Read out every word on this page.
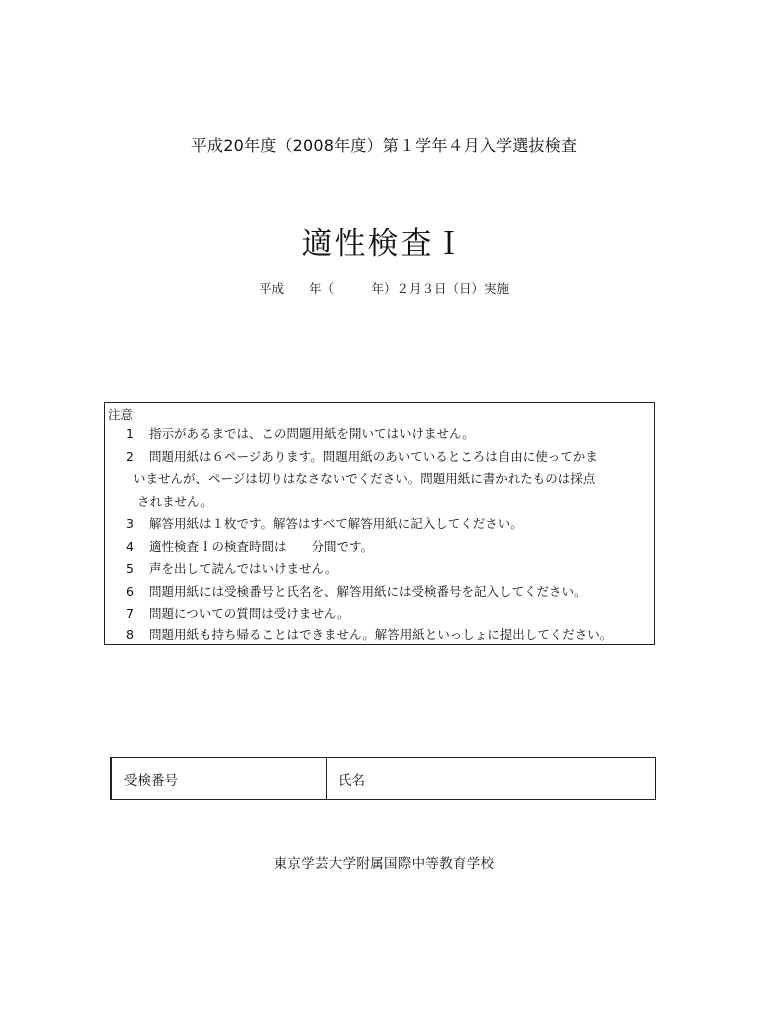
平成20年度（2008年度）第１学年４月入学選抜検査
適性検査Ｉ
平成　　年（　　　年）２月３日（日）実施
注意
1 指示があるまでは、この問題用紙を開いてはいけません。
2 問題用紙は６ページあります。問題用紙のあいているところは自由に使ってかま
いませんが、ページは切りはなさないでください。問題用紙に書かれたものは採点
されません。
3 解答用紙は１枚です。解答はすべて解答用紙に記入してください。
4 適性検査Ｉの検査時間は　　分間です。
5 声を出して読んではいけません。
6 問題用紙には受検番号と氏名を、解答用紙には受検番号を記入してください。
7 問題についての質問は受けません。
8 問題用紙も持ち帰ることはできません。解答用紙といっしょに提出してください。
受検番号	氏名
東京学芸大学附属国際中等教育学校
